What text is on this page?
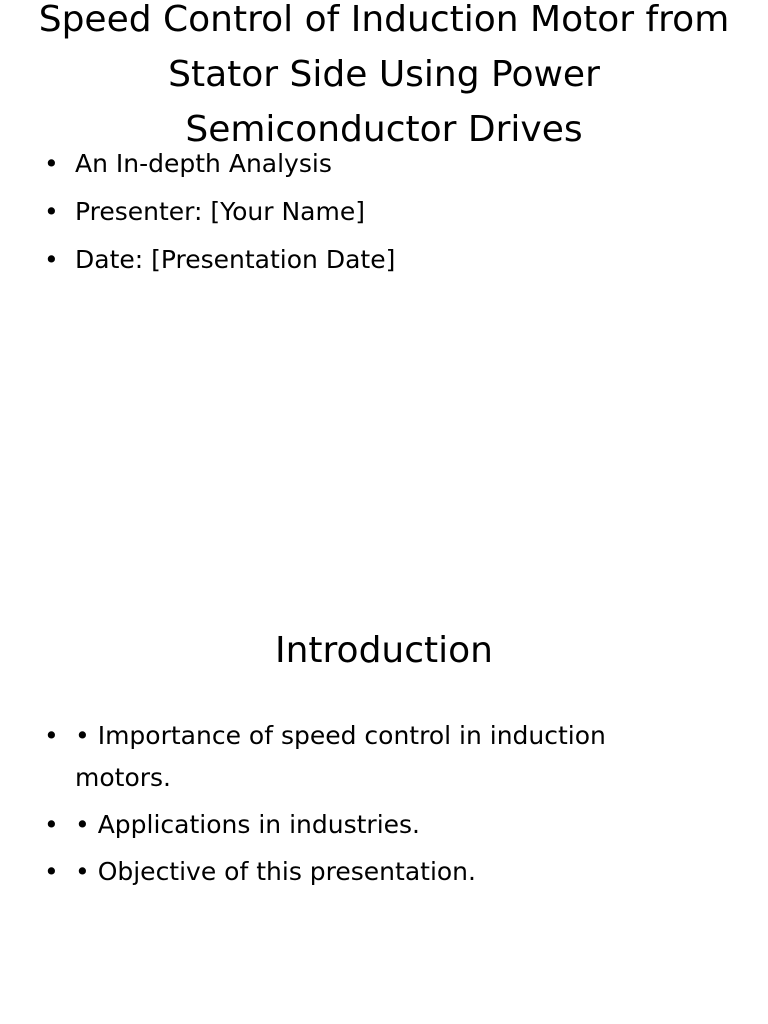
Speed Control of Induction Motor from Stator Side Using Power Semiconductor Drives
• An In-depth Analysis
• Presenter: [Your Name]
• Date: [Presentation Date]
Introduction
• • Importance of speed control in induction motors.
• • Applications in industries.
• • Objective of this presentation.
